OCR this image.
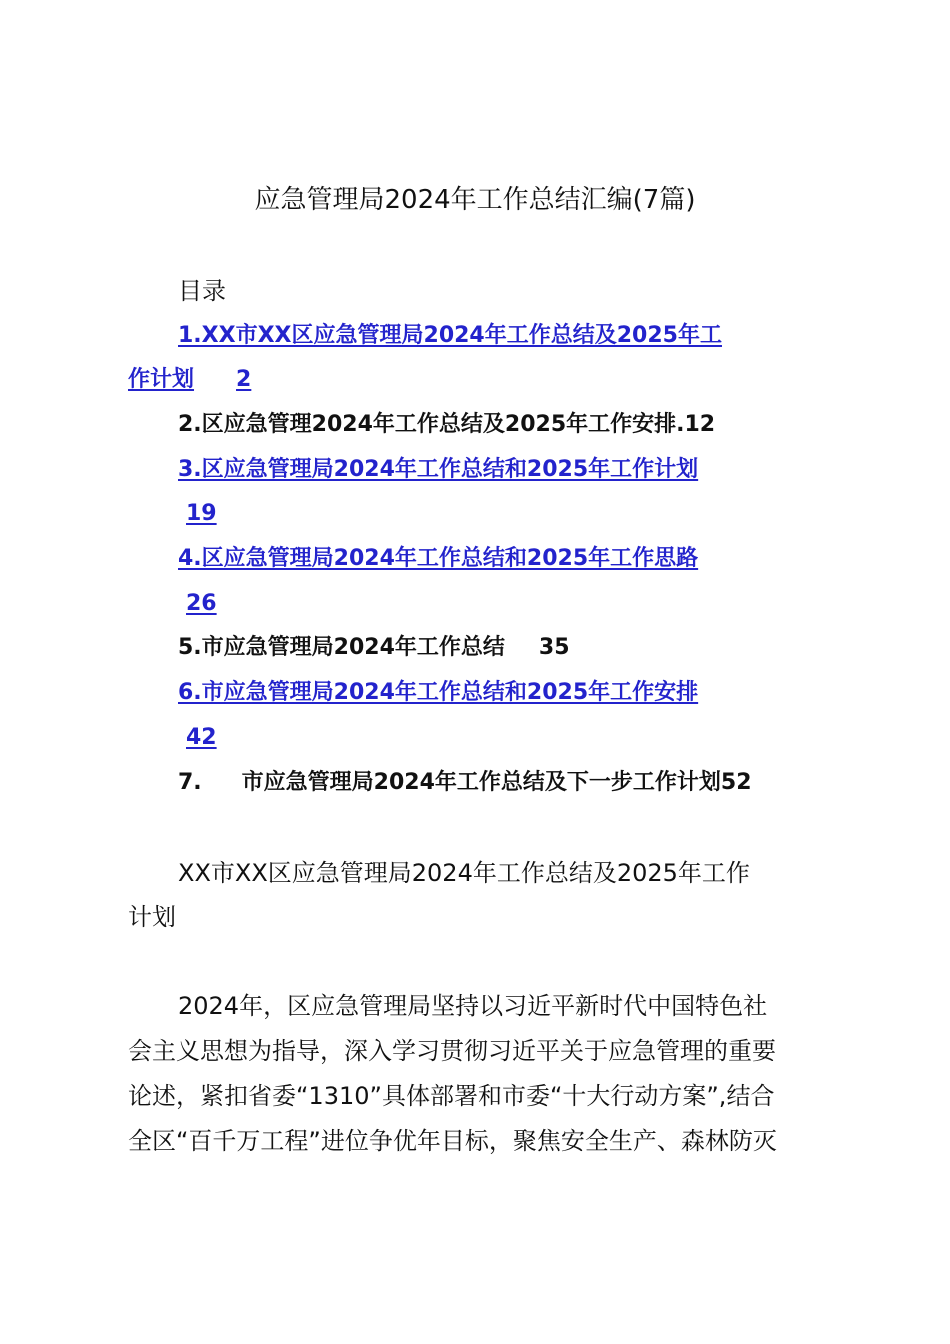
应急管理局2024年工作总结汇编(7篇)
目录
1.XX市XX区应急管理局2024年工作总结及2025年工
作计划 2
2.区应急管理2024年工作总结及2025年工作安排.12
3.区应急管理局2024年工作总结和2025年工作计划
19
4.区应急管理局2024年工作总结和2025年工作思路
26
5.市应急管理局2024年工作总结 35
6.市应急管理局2024年工作总结和2025年工作安排
42
7. 市应急管理局2024年工作总结及下一步工作计划52
XX市XX区应急管理局2024年工作总结及2025年工作
计划
2024年，区应急管理局坚持以习近平新时代中国特色社
会主义思想为指导，深入学习贯彻习近平关于应急管理的重要
论述，紧扣省委“1310”具体部署和市委“十大行动方案”,结合
全区“百千万工程”进位争优年目标，聚焦安全生产、森林防灭
